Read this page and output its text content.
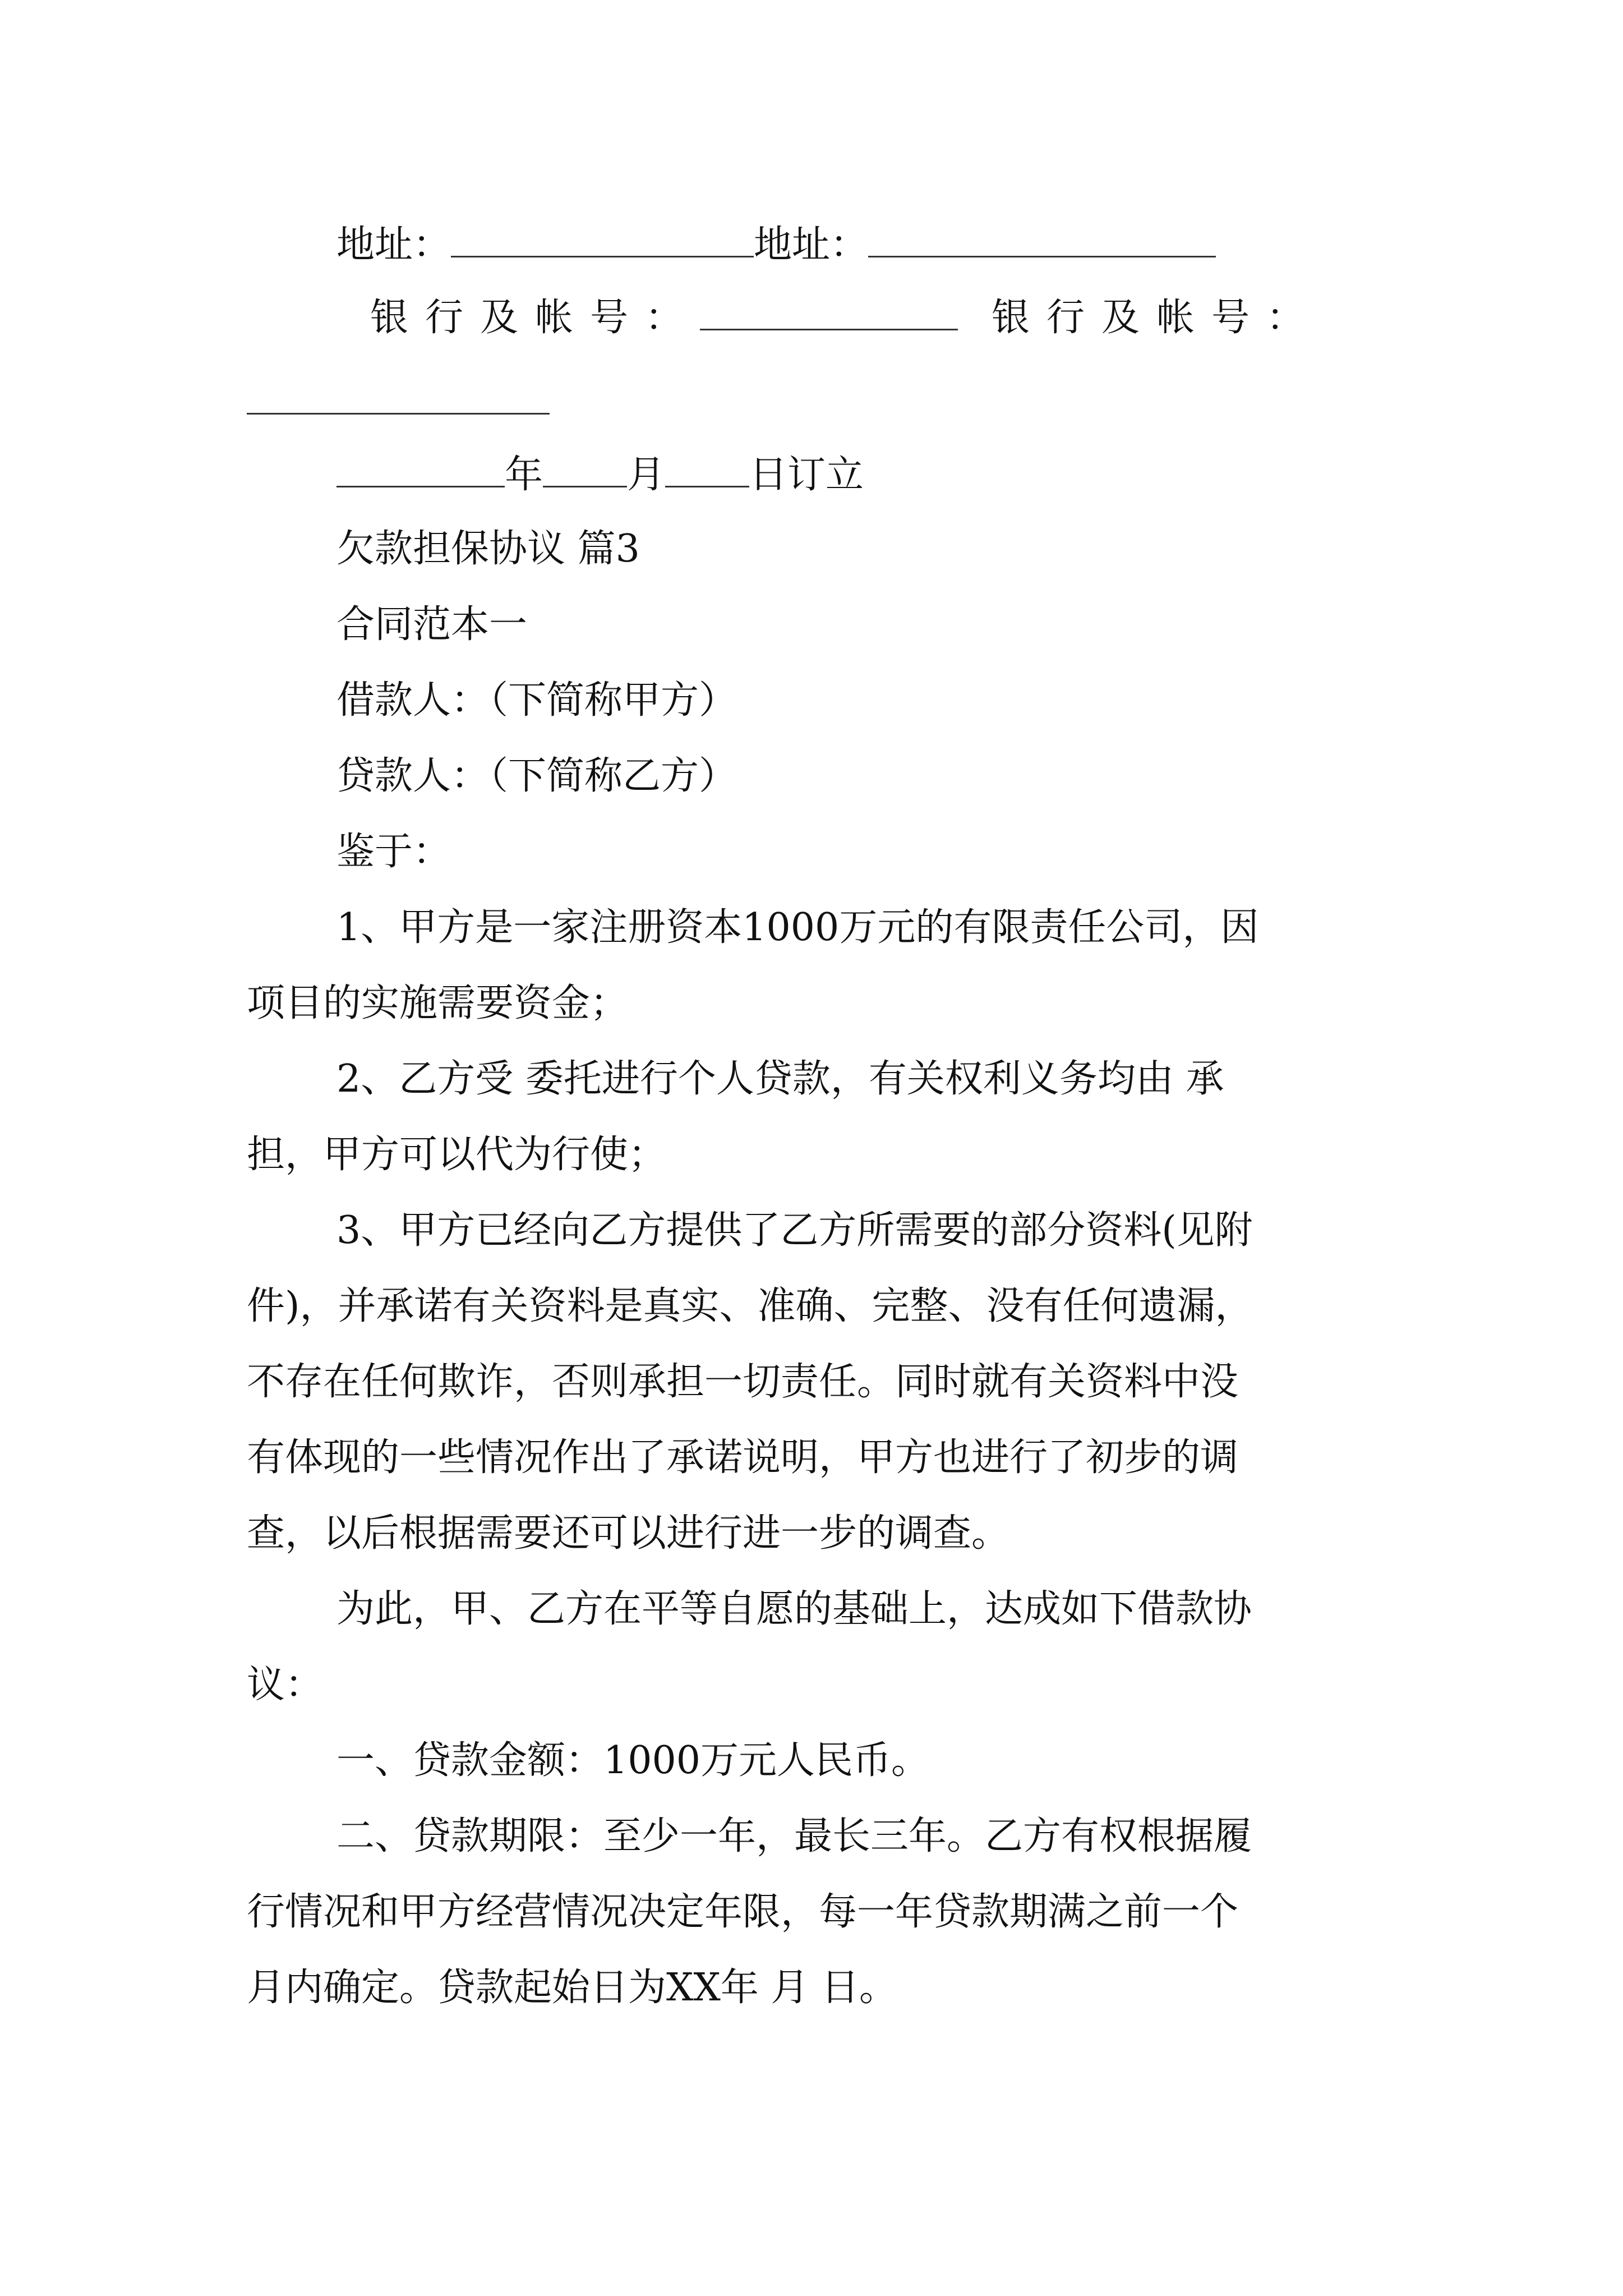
地址：	地址：
银行及帐号：	银行及帐号：
年 月 日订立
欠款担保协议 篇3
合同范本一
借款人：（下简称甲方）
贷款人：（下简称乙方）
鉴于：
1、甲方是一家注册资本1000万元的有限责任公司，因
项目的实施需要资金；
2、乙方受 委托进行个人贷款，有关权利义务均由 承
担，甲方可以代为行使；
3、甲方已经向乙方提供了乙方所需要的部分资料(见附
件)，并承诺有关资料是真实、准确、完整、没有任何遗漏，
不存在任何欺诈，否则承担一切责任。同时就有关资料中没
有体现的一些情况作出了承诺说明，甲方也进行了初步的调
查，以后根据需要还可以进行进一步的调查。
为此，甲、乙方在平等自愿的基础上，达成如下借款协
议：
一、贷款金额：1000万元人民币。
二、贷款期限：至少一年，最长三年。乙方有权根据履
行情况和甲方经营情况决定年限，每一年贷款期满之前一个
月内确定。贷款起始日为XX年 月 日。
